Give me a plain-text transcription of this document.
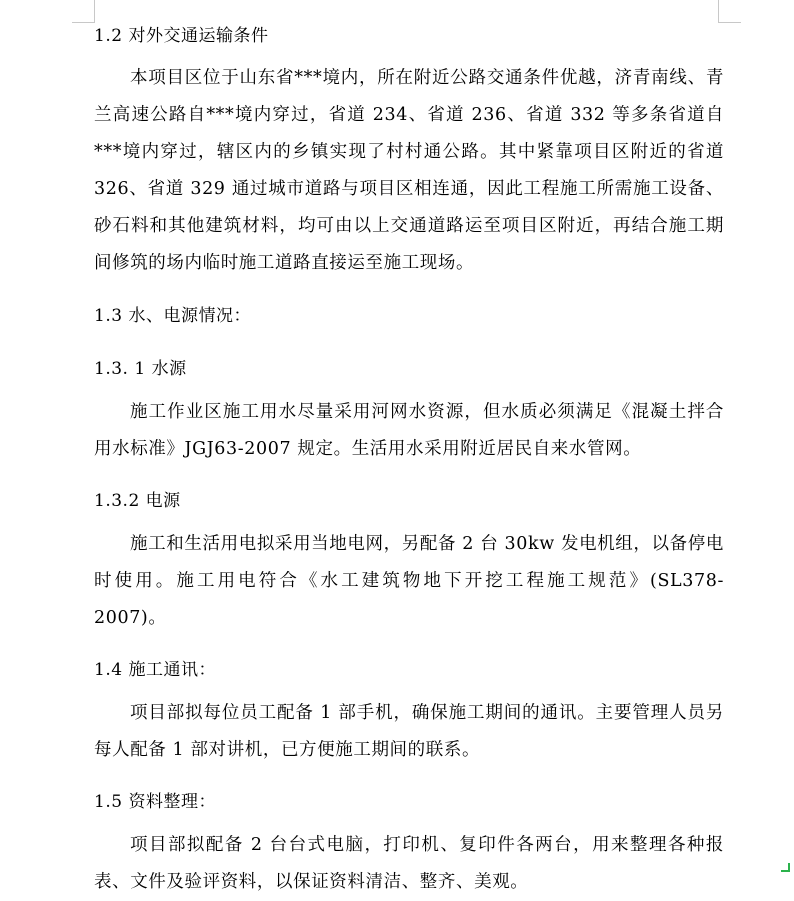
1.2 对外交通运输条件

本项目区位于山东省***境内，所在附近公路交通条件优越，济青南线、青兰高速公路自***境内穿过，省道 234、省道 236、省道 332 等多条省道自***境内穿过，辖区内的乡镇实现了村村通公路。其中紧靠项目区附近的省道 326、省道 329 通过城市道路与项目区相连通，因此工程施工所需施工设备、砂石料和其他建筑材料，均可由以上交通道路运至项目区附近，再结合施工期间修筑的场内临时施工道路直接运至施工现场。

1.3 水、电源情况：

1.3. 1 水源

施工作业区施工用水尽量采用河网水资源，但水质必须满足《混凝土拌合用水标准》JGJ63-2007 规定。生活用水采用附近居民自来水管网。

1.3.2 电源

施工和生活用电拟采用当地电网，另配备 2 台 30kw 发电机组，以备停电时使用。施工用电符合《水工建筑物地下开挖工程施工规范》(SL378-2007)。

1.4 施工通讯：

项目部拟每位员工配备 1 部手机，确保施工期间的通讯。主要管理人员另每人配备 1 部对讲机，已方便施工期间的联系。

1.5 资料整理：

项目部拟配备 2 台台式电脑，打印机、复印件各两台，用来整理各种报表、文件及验评资料，以保证资料清洁、整齐、美观。
